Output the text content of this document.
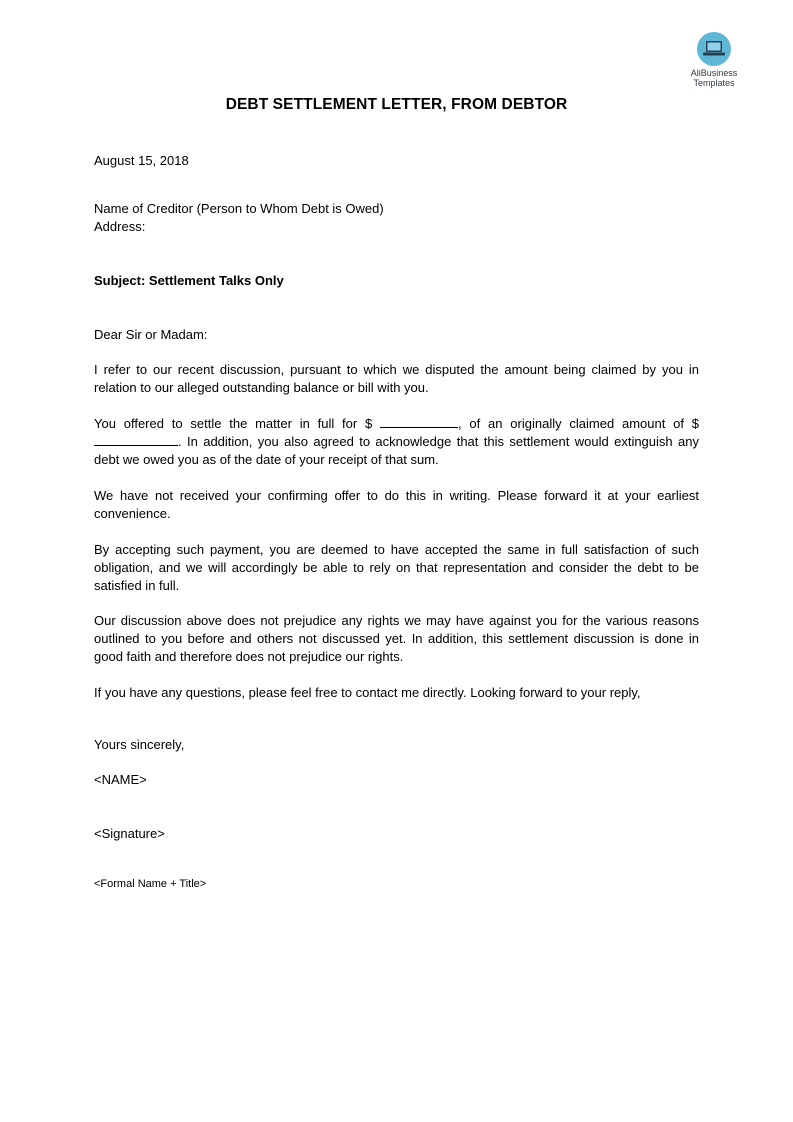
AliBusiness
Templates
DEBT SETTLEMENT LETTER, FROM DEBTOR
August 15, 2018
Name of Creditor (Person to Whom Debt is Owed)
Address:
Subject: Settlement Talks Only
Dear Sir or Madam:

I refer to our recent discussion, pursuant to which we disputed the amount being claimed by you in relation to our alleged outstanding balance or bill with you.

You offered to settle the matter in full for $	, of an originally claimed amount of $ . In addition, you also agreed to acknowledge that this settlement would extinguish any debt we owed you as of the date of your receipt of that sum.

We have not received your confirming offer to do this in writing. Please forward it at your earliest convenience.

By accepting such payment, you are deemed to have accepted the same in full satisfaction of such obligation, and we will accordingly be able to rely on that representation and consider the debt to be satisfied in full.

Our discussion above does not prejudice any rights we may have against you for the various reasons outlined to you before and others not discussed yet. In addition, this settlement discussion is done in good faith and therefore does not prejudice our rights.

If you have any questions, please feel free to contact me directly. Looking forward to your reply,

Yours sincerely,
<NAME>
<Signature>
<Formal Name + Title>
